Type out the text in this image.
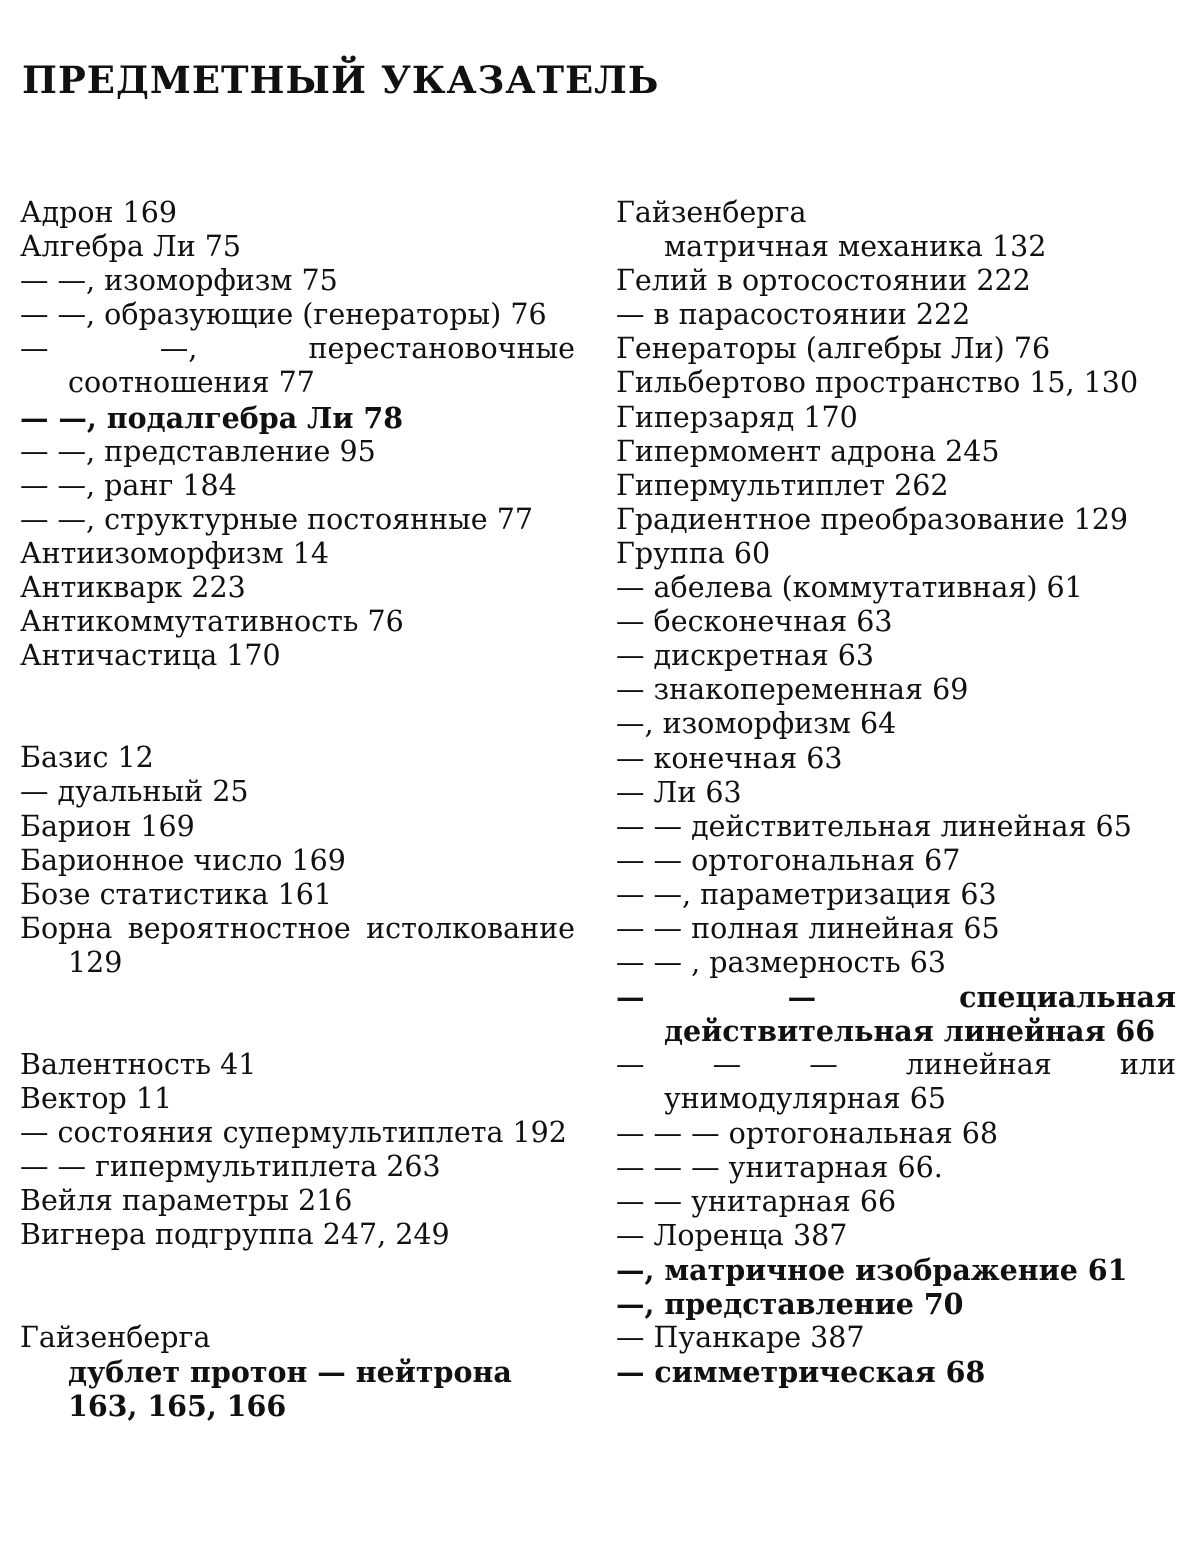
ПРЕДМЕТНЫЙ УКАЗАТЕЛЬ
Адрон 169
Алгебра Ли 75
— —, изоморфизм 75
— —, образующие (генераторы) 76
— —, перестановочные соотношения 77
— —, подалгебра Ли 78
— —, представление 95
— —, ранг 184
— —, структурные постоянные 77
Антиизоморфизм 14
Антикварк 223
Антикоммутативность 76
Античастица 170
Базис 12
— дуальный 25
Барион 169
Барионное число 169
Бозе статистика 161
Борна вероятностное истолкование 129
Валентность 41
Вектор 11
— состояния супермультиплета 192
— — гипермультиплета 263
Вейля параметры 216
Вигнера подгруппа 247, 249
Гайзенберга
дублет протон — нейтрона 163, 165, 166
Гайзенберга
матричная механика 132
Гелий в ортосостоянии 222
— в парасостоянии 222
Генераторы (алгебры Ли) 76
Гильбертово пространство 15, 130
Гиперзаряд 170
Гипермомент адрона 245
Гипермультиплет 262
Градиентное преобразование 129
Группа 60
— абелева (коммутативная) 61
— бесконечная 63
— дискретная 63
— знакопеременная 69
—, изоморфизм 64
— конечная 63
— Ли 63
— — действительная линейная 65
— — ортогональная 67
— —, параметризация 63
— — полная линейная 65
— — , размерность 63
— — специальная действительная линейная 66
— — — линейная или унимодулярная 65
— — — ортогональная 68
— — — унитарная 66.
— — унитарная 66
— Лоренца 387
—, матричное изображение 61
—, представление 70
— Пуанкаре 387
— симметрическая 68
